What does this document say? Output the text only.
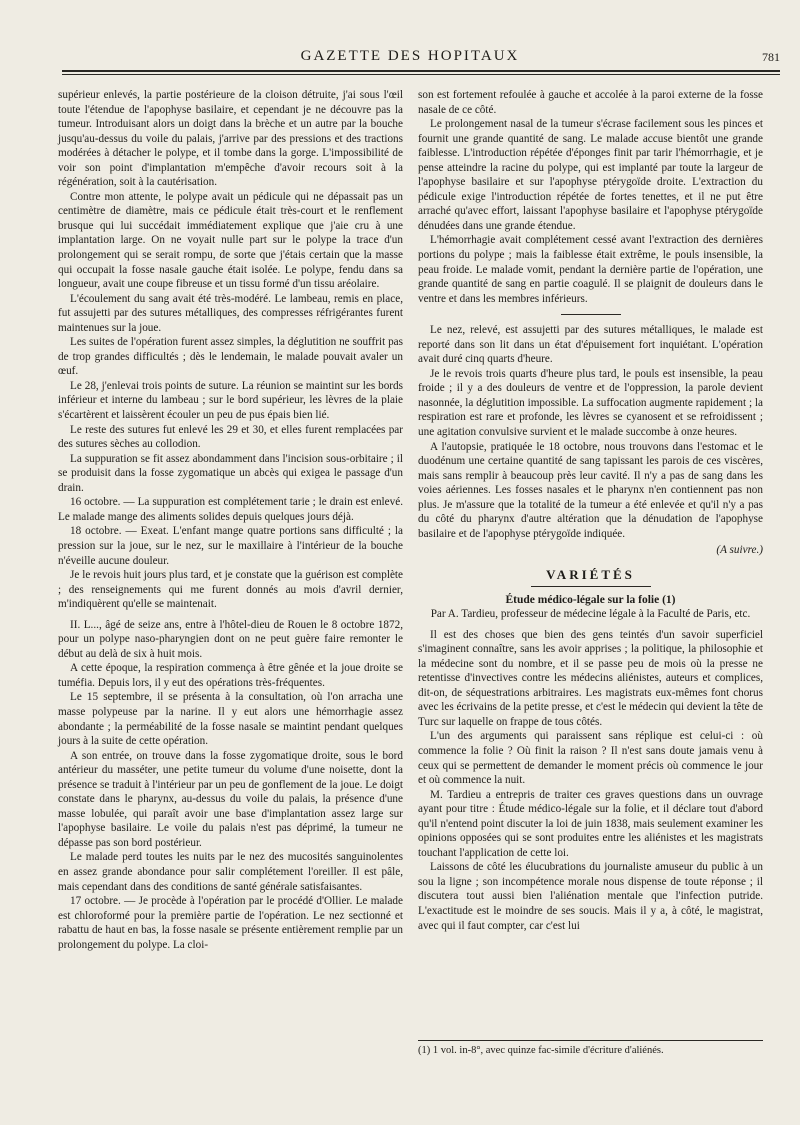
GAZETTE DES HOPITAUX	781

supérieur enlevés, la partie postérieure de la cloison détruite, j'ai sous l'œil toute l'étendue de l'apophyse basilaire, et cependant je ne découvre pas la tumeur. Introduisant alors un doigt dans la brèche et un autre par la bouche jusqu'au-dessus du voile du palais, j'arrive par des pressions et des tractions modérées à détacher le polype, et il tombe dans la gorge. L'impossibilité de voir son point d'implantation m'empêche d'avoir recours soit à la régénération, soit à la cautérisation.

Contre mon attente, le polype avait un pédicule qui ne dépassait pas un centimètre de diamètre, mais ce pédicule était très-court et le renflement brusque qui lui succédait immédiatement explique que j'aie cru à une implantation large. On ne voyait nulle part sur le polype la trace d'un prolongement qui se serait rompu, de sorte que j'étais certain que la masse qui occupait la fosse nasale gauche était isolée. Le polype, fendu dans sa longueur, avait une coupe fibreuse et un tissu formé d'un tissu aréolaire.

L'écoulement du sang avait été très-modéré. Le lambeau, remis en place, fut assujetti par des sutures métalliques, des compresses réfrigérantes furent maintenues sur la joue.

Les suites de l'opération furent assez simples, la déglutition ne souffrit pas de trop grandes difficultés ; dès le lendemain, le malade pouvait avaler un œuf.

Le 28, j'enlevai trois points de suture. La réunion se maintint sur les bords inférieur et interne du lambeau ; sur le bord supérieur, les lèvres de la plaie s'écartèrent et laissèrent écouler un peu de pus épais bien lié.

Le reste des sutures fut enlevé les 29 et 30, et elles furent remplacées par des sutures sèches au collodion.

La suppuration se fit assez abondamment dans l'incision sous-orbitaire ; il se produisit dans la fosse zygomatique un abcès qui exigea le passage d'un drain.

16 octobre. — La suppuration est complétement tarie ; le drain est enlevé. Le malade mange des aliments solides depuis quelques jours déjà.

18 octobre. — Exeat. L'enfant mange quatre portions sans difficulté ; la pression sur la joue, sur le nez, sur le maxillaire à l'intérieur de la bouche n'éveille aucune douleur.

Je le revois huit jours plus tard, et je constate que la guérison est complète ; des renseignements qui me furent donnés au mois d'avril dernier, m'indiquèrent qu'elle se maintenait.

II. L..., âgé de seize ans, entre à l'hôtel-dieu de Rouen le 8 octobre 1872, pour un polype naso-pharyngien dont on ne peut guère faire remonter le début au delà de six à huit mois.

A cette époque, la respiration commença à être gênée et la joue droite se tuméfia. Depuis lors, il y eut des opérations très-fréquentes.

Le 15 septembre, il se présenta à la consultation, où l'on arracha une masse polypeuse par la narine. Il y eut alors une hémorrhagie assez abondante ; la perméabilité de la fosse nasale se maintint pendant quelques jours à la suite de cette opération.

A son entrée, on trouve dans la fosse zygomatique droite, sous le bord antérieur du masséter, une petite tumeur du volume d'une noisette, dont la présence se traduit à l'intérieur par un peu de gonflement de la joue. Le doigt constate dans le pharynx, au-dessus du voile du palais, la présence d'une masse lobulée, qui paraît avoir une base d'implantation assez large sur l'apophyse basilaire. Le voile du palais n'est pas déprimé, la tumeur ne dépasse pas son bord postérieur.

Le malade perd toutes les nuits par le nez des mucosités sanguinolentes en assez grande abondance pour salir complétement l'oreiller. Il est pâle, mais cependant dans des conditions de santé générale satisfaisantes.

17 octobre. — Je procède à l'opération par le procédé d'Ollier. Le malade est chloroformé pour la première partie de l'opération. Le nez sectionné et rabattu de haut en bas, la fosse nasale se présente entièrement remplie par un prolongement du polype. La cloi-

son est fortement refoulée à gauche et accolée à la paroi externe de la fosse nasale de ce côté.

Le prolongement nasal de la tumeur s'écrase facilement sous les pinces et fournit une grande quantité de sang. Le malade accuse bientôt une grande faiblesse. L'introduction répétée d'éponges finit par tarir l'hémorrhagie, et je pense atteindre la racine du polype, qui est implanté par toute la largeur de l'apophyse basilaire et sur l'apophyse ptérygoïde droite. L'extraction du pédicule exige l'introduction répétée de fortes tenettes, et il ne put être arraché qu'avec effort, laissant l'apophyse basilaire et l'apophyse ptérygoïde dénudées dans une grande étendue.

L'hémorrhagie avait complétement cessé avant l'extraction des dernières portions du polype ; mais la faiblesse était extrême, le pouls insensible, la peau froide. Le malade vomit, pendant la dernière partie de l'opération, une grande quantité de sang en partie coagulé. Il se plaignit de douleurs dans le ventre et dans les membres inférieurs.

Le nez, relevé, est assujetti par des sutures métalliques, le malade est reporté dans son lit dans un état d'épuisement fort inquiétant. L'opération avait duré cinq quarts d'heure.

Je le revois trois quarts d'heure plus tard, le pouls est insensible, la peau froide ; il y a des douleurs de ventre et de l'oppression, la parole devient nasonnée, la déglutition impossible. La suffocation augmente rapidement ; la respiration est rare et profonde, les lèvres se cyanosent et se refroidissent ; une agitation convulsive survient et le malade succombe à onze heures.

A l'autopsie, pratiquée le 18 octobre, nous trouvons dans l'estomac et le duodénum une certaine quantité de sang tapissant les parois de ces viscères, mais sans remplir à beaucoup près leur cavité. Il n'y a pas de sang dans les voies aériennes. Les fosses nasales et le pharynx n'en contiennent pas non plus. Je m'assure que la totalité de la tumeur a été enlevée et qu'il n'y a pas du côté du pharynx d'autre altération que la dénudation de l'apophyse basilaire et de l'apophyse ptérygoïde indiquée.

(A suivre.)
VARIÉTÉS
Étude médico-légale sur la folie (1)
Par A. Tardieu, professeur de médecine légale à la Faculté de Paris, etc.

Il est des choses que bien des gens teintés d'un savoir superficiel s'imaginent connaître, sans les avoir apprises ; la politique, la philosophie et la médecine sont du nombre, et il se passe peu de mois où la presse ne retentisse d'invectives contre les médecins aliénistes, auteurs et complices, dit-on, de séquestrations arbitraires. Les magistrats eux-mêmes font chorus avec les écrivains de la petite presse, et c'est le médecin qui devient la tête de Turc sur laquelle on frappe de tous côtés.

L'un des arguments qui paraissent sans réplique est celui-ci : où commence la folie ? Où finit la raison ? Il n'est sans doute jamais venu à ceux qui se permettent de demander le moment précis où commence le jour et où commence la nuit.

M. Tardieu a entrepris de traiter ces graves questions dans un ouvrage ayant pour titre : Étude médico-légale sur la folie, et il déclare tout d'abord qu'il n'entend point discuter la loi de juin 1838, mais seulement examiner les opinions opposées qui se sont produites entre les aliénistes et les magistrats touchant l'application de cette loi.

Laissons de côté les élucubrations du journaliste amuseur du public à un sou la ligne ; son incompétence morale nous dispense de toute réponse ; il discutera tout aussi bien l'aliénation mentale que l'infection putride. L'exactitude est le moindre de ses soucis. Mais il y a, à côté, le magistrat, avec qui il faut compter, car c'est lui

(1) 1 vol. in-8°, avec quinze fac-simile d'écriture d'aliénés.
